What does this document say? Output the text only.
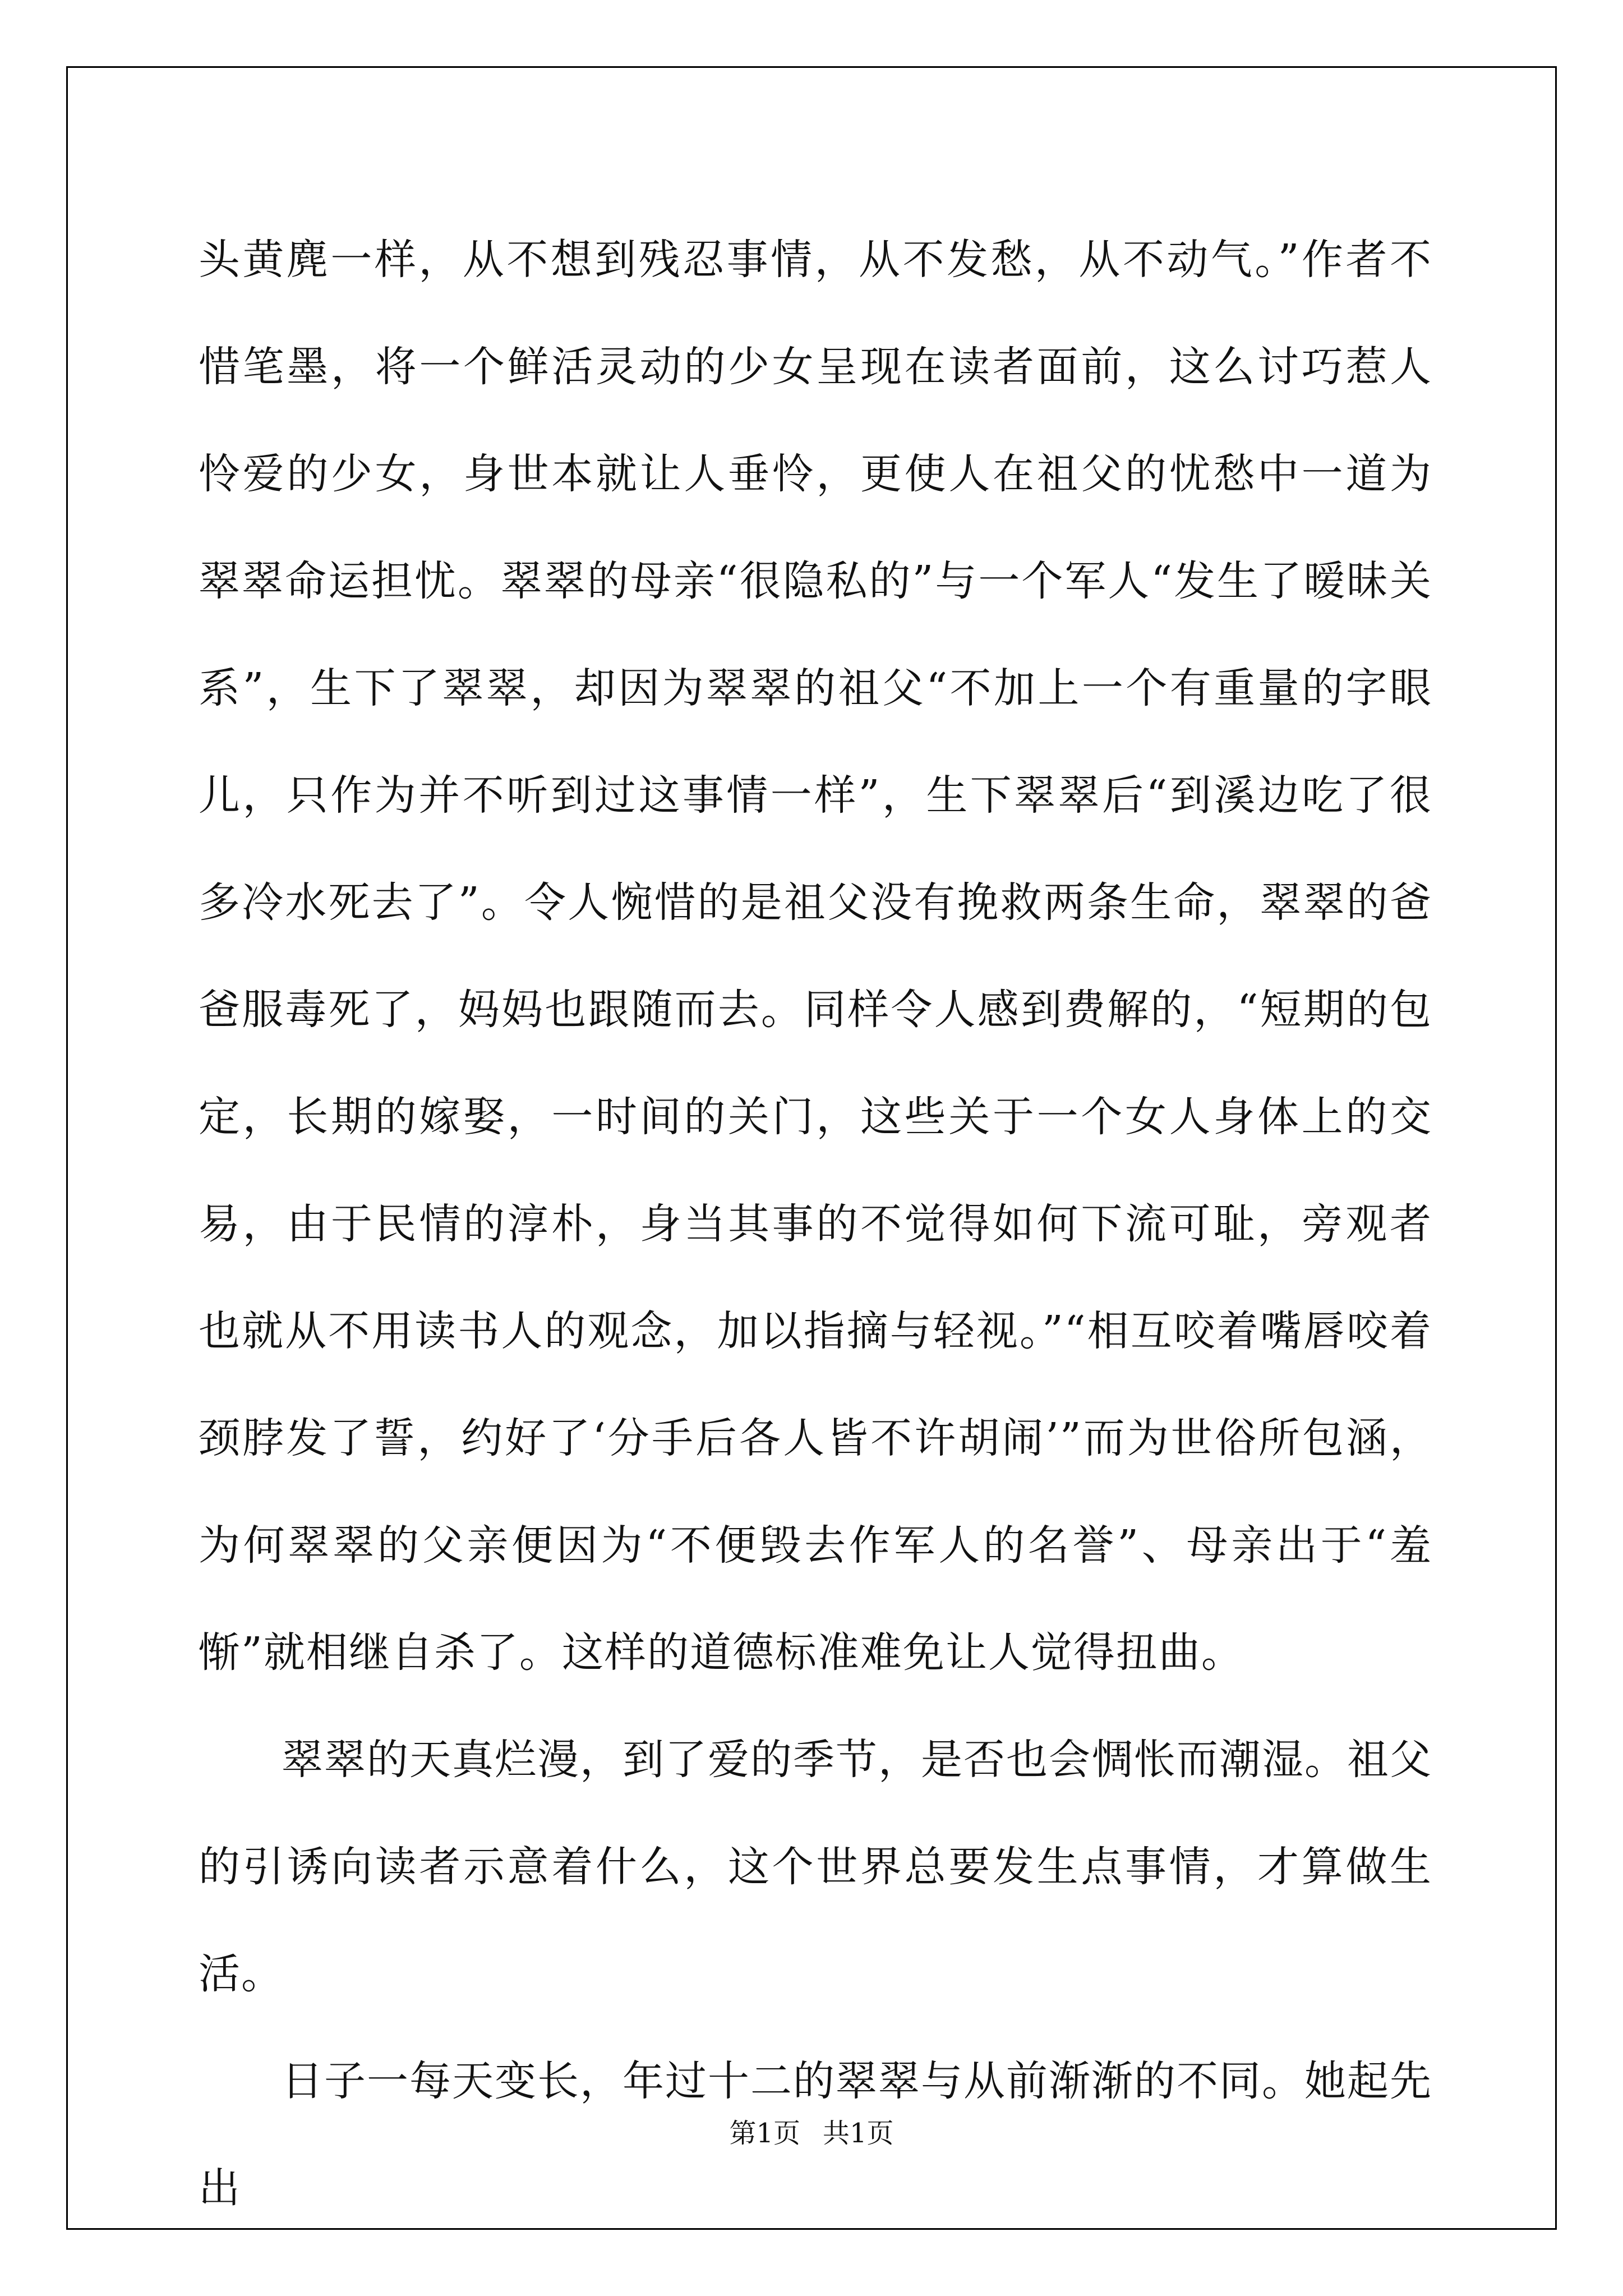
头黄麂一样，从不想到残忍事情，从不发愁，从不动气。”作者不惜笔墨，将一个鲜活灵动的少女呈现在读者面前，这么讨巧惹人怜爱的少女，身世本就让人垂怜，更使人在祖父的忧愁中一道为翠翠命运担忧。翠翠的母亲“很隐私的”与一个军人“发生了暧昧关系”，生下了翠翠，却因为翠翠的祖父“不加上一个有重量的字眼儿，只作为并不听到过这事情一样”，生下翠翠后“到溪边吃了很多冷水死去了”。令人惋惜的是祖父没有挽救两条生命，翠翠的爸爸服毒死了，妈妈也跟随而去。同样令人感到费解的，“短期的包定，长期的嫁娶，一时间的关门，这些关于一个女人身体上的交易，由于民情的淳朴，身当其事的不觉得如何下流可耻，旁观者也就从不用读书人的观念，加以指摘与轻视。”“相互咬着嘴唇咬着颈脖发了誓，约好了‘分手后各人皆不许胡闹’”而为世俗所包涵，为何翠翠的父亲便因为“不便毁去作军人的名誉”、母亲出于“羞惭”就相继自杀了。这样的道德标准难免让人觉得扭曲。

翠翠的天真烂漫，到了爱的季节，是否也会惆怅而潮湿。祖父的引诱向读者示意着什么，这个世界总要发生点事情，才算做生活。

日子一每天变长，年过十二的翠翠与从前渐渐的不同。她起先出

第1页 共1页
